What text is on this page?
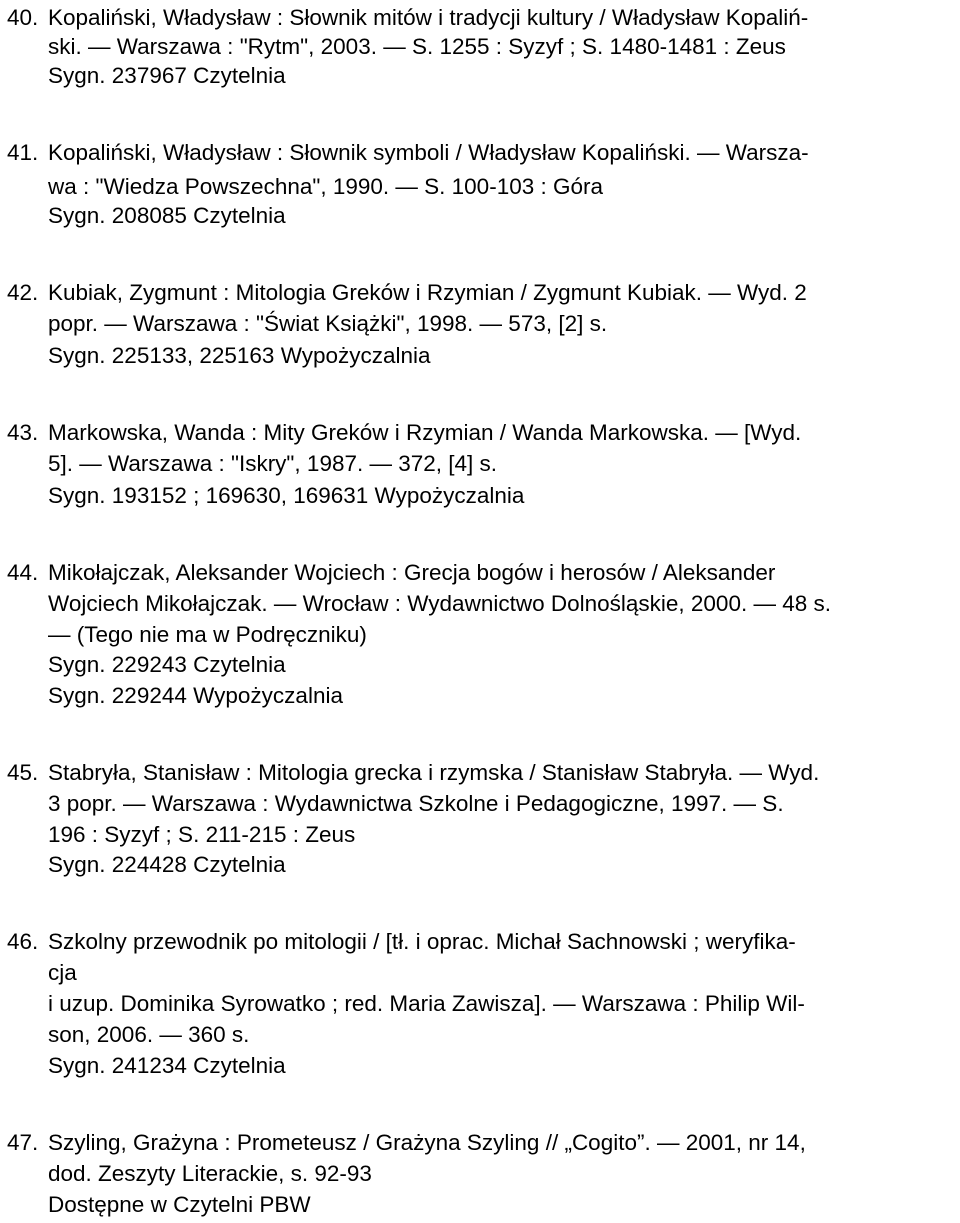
40. Kopaliński, Władysław : Słownik mitów i tradycji kultury / Władysław Kopaliń-
ski. — Warszawa : "Rytm", 2003. — S. 1255 : Syzyf ; S. 1480-1481 : Zeus
Sygn. 237967 Czytelnia
41. Kopaliński, Władysław : Słownik symboli / Władysław Kopaliński. — Warsza-
wa : "Wiedza Powszechna", 1990. — S. 100-103 : Góra
Sygn. 208085 Czytelnia
42. Kubiak, Zygmunt : Mitologia Greków i Rzymian / Zygmunt Kubiak. — Wyd. 2
popr. — Warszawa : "Świat Książki", 1998. — 573, [2] s.
Sygn. 225133, 225163 Wypożyczalnia
43. Markowska, Wanda : Mity Greków i Rzymian / Wanda Markowska. — [Wyd.
5]. — Warszawa : "Iskry", 1987. — 372, [4] s.
Sygn. 193152 ; 169630, 169631 Wypożyczalnia
44. Mikołajczak, Aleksander Wojciech : Grecja bogów i herosów / Aleksander
Wojciech Mikołajczak. — Wrocław : Wydawnictwo Dolnośląskie, 2000. — 48 s.
— (Tego nie ma w Podręczniku)
Sygn. 229243 Czytelnia
Sygn. 229244 Wypożyczalnia
45. Stabryła, Stanisław : Mitologia grecka i rzymska / Stanisław Stabryła. — Wyd.
3 popr. — Warszawa : Wydawnictwa Szkolne i Pedagogiczne, 1997. — S.
196 : Syzyf ; S. 211-215 : Zeus
Sygn. 224428 Czytelnia
46. Szkolny przewodnik po mitologii / [tł. i oprac. Michał Sachnowski ; weryfika-
cja
i uzup. Dominika Syrowatko ; red. Maria Zawisza]. — Warszawa : Philip Wil-
son, 2006. — 360 s.
Sygn. 241234 Czytelnia
47. Szyling, Grażyna : Prometeusz / Grażyna Szyling // „Cogito”. — 2001, nr 14,
dod. Zeszyty Literackie, s. 92-93
Dostępne w Czytelni PBW
